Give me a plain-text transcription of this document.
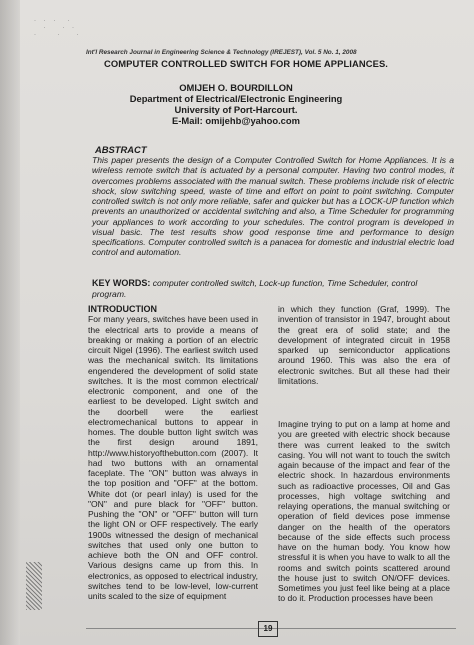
· · ·  ·
·   · ·
·    ·   ·
Int'l Research Journal in Engineering Science & Technology (IREJEST), Vol. 5 No. 1, 2008
COMPUTER CONTROLLED SWITCH FOR HOME APPLIANCES.
OMIJEH O. BOURDILLON
Department of Electrical/Electronic Engineering
University of Port-Harcourt.
E-Mail: omijehb@yahoo.com
ABSTRACT
This paper presents the design of a Computer Controlled Switch for Home Appliances. It is a wireless remote switch that is actuated by a personal computer. Having two control modes, it overcomes problems associated with the manual switch. These problems include risk of electric shock, slow switching speed, waste of time and effort on point to point switching. Computer controlled switch is not only more reliable, safer and quicker but has a LOCK-UP function which prevents an unauthorized or accidental switching and also, a Time Scheduler for programming your appliances to work according to your schedules. The control program is developed in visual basic. The test results show good response time and performance to design specifications. Computer controlled switch is a panacea for domestic and industrial electric load control and automation.
KEY WORDS: computer controlled switch, Lock-up function, Time Scheduler, control program.
INTRODUCTION
For many years, switches have been used in the electrical arts to provide a means of breaking or making a portion of an electric circuit Nigel (1996). The earliest switch used was the mechanical switch. Its limitations engendered the development of solid state switches. It is the most common electrical/ electronic component, and one of the earliest to be developed. Light switch and the doorbell were the earliest electromechanical buttons to appear in homes. The double button light switch was the first design around 1891, http://www.historyofthebutton.com (2007). It had two buttons with an ornamental faceplate. The "ON" button was always in the top position and "OFF" at the bottom. White dot (or pearl inlay) is used for the "ON" and pure black for "OFF" button. Pushing the "ON" or "OFF" button will turn the light ON or OFF respectively. The early 1900s witnessed the design of mechanical switches that used only one button to achieve both the ON and OFF control. Various designs came up from this. In electronics, as opposed to electrical industry, switches tend to be low-level, low-current units scaled to the size of equipment
in which they function (Graf, 1999). The invention of transistor in 1947, brought about the great era of solid state; and the development of integrated circuit in 1958 sparked up semiconductor applications around 1960. This was also the era of electronic switches. But all these had their limitations.
Imagine trying to put on a lamp at home and you are greeted with electric shock because there was current leaked to the switch casing. You will not want to touch the switch again because of the impact and fear of the electric shock. In hazardous environments such as radioactive processes, Oil and Gas processes, high voltage switching and relaying operations, the manual switching or operation of field devices pose immense danger on the health of the operators because of the side effects such process have on the human body. You know how stressful it is when you have to walk to all the rooms and switch points scattered around the house just to switch ON/OFF devices. Sometimes you just feel like being at a place to do it. Production processes have been
19
